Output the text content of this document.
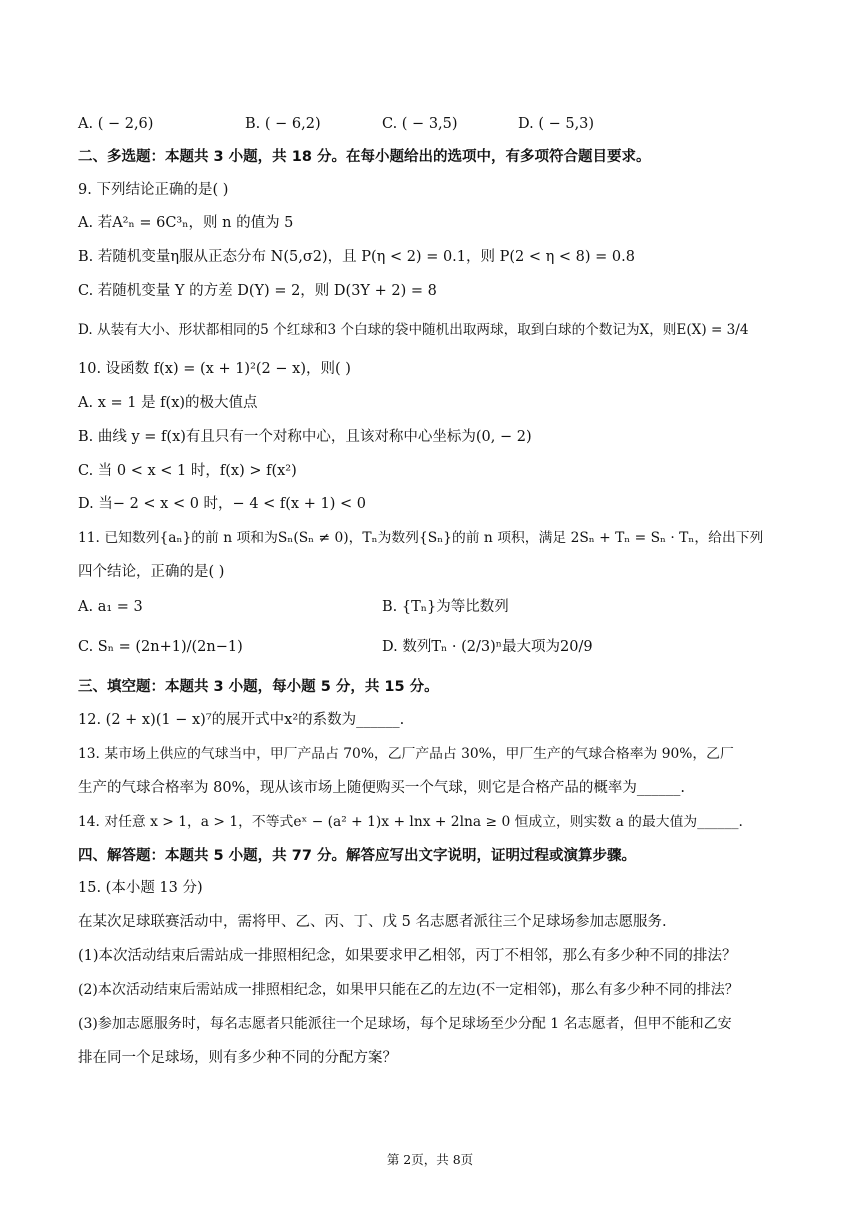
A. ( − 2,6)	B. ( − 6,2)	C. ( − 3,5)	D. ( − 5,3)
二、多选题：本题共 3 小题，共 18 分。在每小题给出的选项中，有多项符合题目要求。
9. 下列结论正确的是( )
A. 若A²ₙ = 6C³ₙ，则 n 的值为 5
B. 若随机变量η服从正态分布 N(5,σ2)，且 P(η < 2) = 0.1，则 P(2 < η < 8) = 0.8
C. 若随机变量 Y 的方差 D(Y) = 2，则 D(3Y + 2) = 8
D. 从装有大小、形状都相同的5 个红球和3 个白球的袋中随机出取两球，取到白球的个数记为X，则E(X) = 3/4
10. 设函数 f(x) = (x + 1)²(2 − x)，则( )
A. x = 1 是 f(x)的极大值点
B. 曲线 y = f(x)有且只有一个对称中心，且该对称中心坐标为(0, − 2)
C. 当 0 < x < 1 时，f(x) > f(x²)
D. 当− 2 < x < 0 时，− 4 < f(x + 1) < 0
11. 已知数列{aₙ}的前 n 项和为Sₙ(Sₙ ≠ 0)，Tₙ为数列{Sₙ}的前 n 项积，满足 2Sₙ + Tₙ = Sₙ · Tₙ，给出下列
四个结论，正确的是( )
A. a₁ = 3	B. {Tₙ}为等比数列
C. Sₙ = (2n+1)/(2n−1)	D. 数列Tₙ · (2/3)ⁿ最大项为20/9
三、填空题：本题共 3 小题，每小题 5 分，共 15 分。
12. (2 + x)(1 − x)⁷的展开式中x²的系数为______.
13. 某市场上供应的气球当中，甲厂产品占 70%，乙厂产品占 30%，甲厂生产的气球合格率为 90%，乙厂
生产的气球合格率为 80%，现从该市场上随便购买一个气球，则它是合格产品的概率为______.
14. 对任意 x > 1，a > 1，不等式eˣ − (a² + 1)x + lnx + 2lna ≥ 0 恒成立，则实数 a 的最大值为______.
四、解答题：本题共 5 小题，共 77 分。解答应写出文字说明，证明过程或演算步骤。
15. (本小题 13 分)
在某次足球联赛活动中，需将甲、乙、丙、丁、戊 5 名志愿者派往三个足球场参加志愿服务.
(1)本次活动结束后需站成一排照相纪念，如果要求甲乙相邻，丙丁不相邻，那么有多少种不同的排法？
(2)本次活动结束后需站成一排照相纪念，如果甲只能在乙的左边(不一定相邻)，那么有多少种不同的排法？
(3)参加志愿服务时，每名志愿者只能派往一个足球场，每个足球场至少分配 1 名志愿者，但甲不能和乙安
排在同一个足球场，则有多少种不同的分配方案？
第 2页，共 8页
